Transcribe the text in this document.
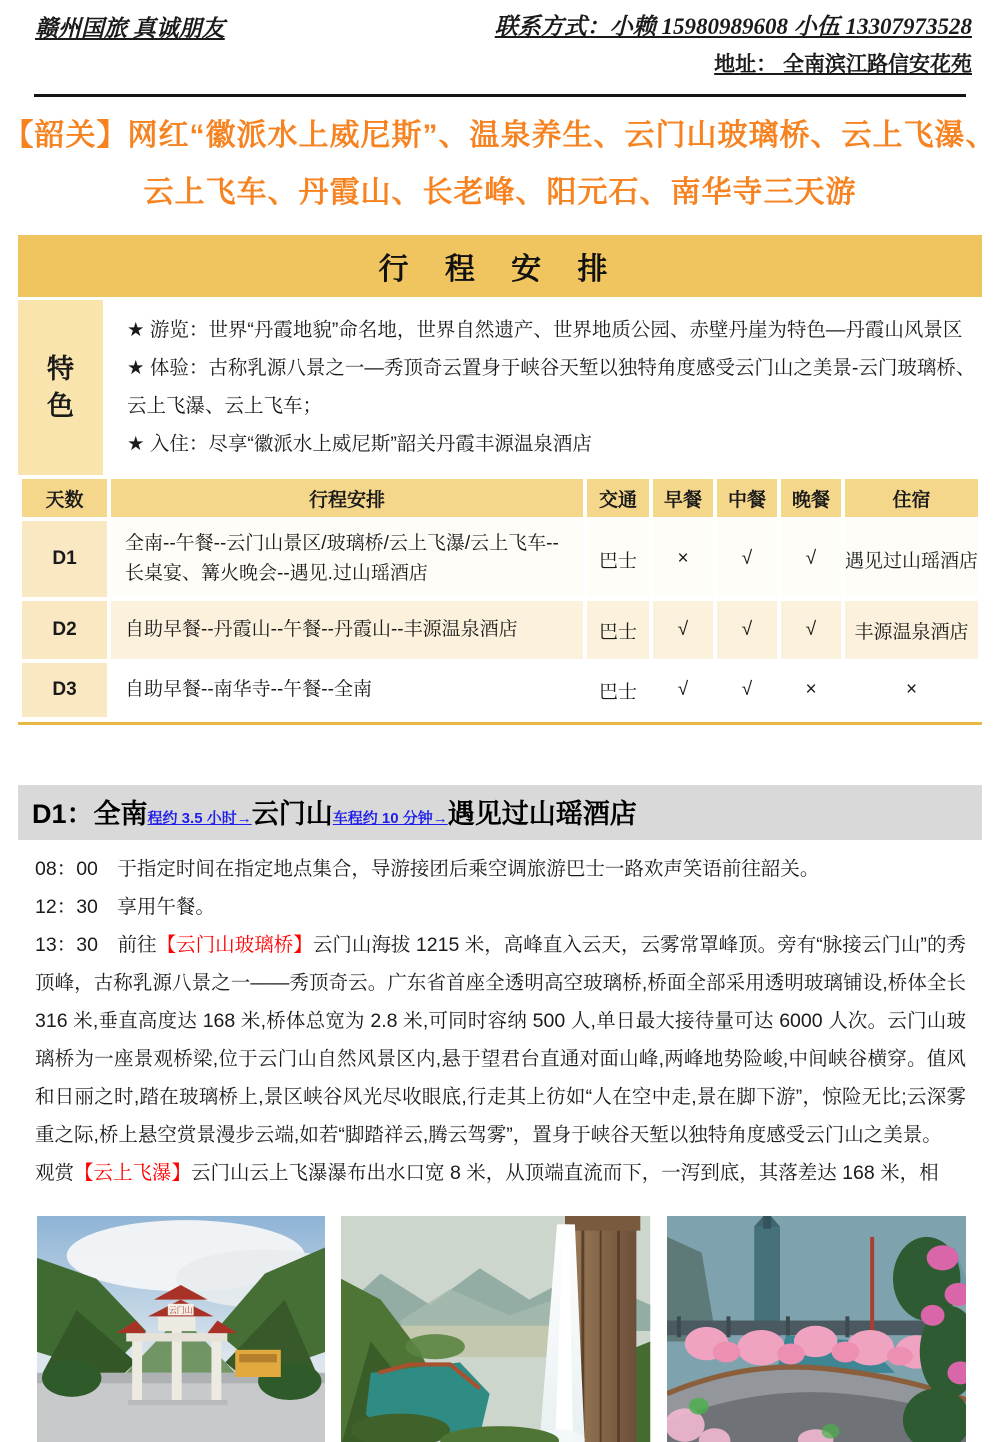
赣州国旅 真诚朋友	联系方式：小赖 15980989608 小伍 13307973528
地址： 全南滨江路信安花苑
【韶关】网红“徽派水上威尼斯”、温泉养生、云门山玻璃桥、云上飞瀑、
云上飞车、丹霞山、长老峰、阳元石、南华寺三天游
行 程 安 排
特色
★ 游览：世界“丹霞地貌”命名地，世界自然遗产、世界地质公园、赤壁丹崖为特色—丹霞山风景区
★ 体验：古称乳源八景之一—秀顶奇云置身于峡谷天堑以独特角度感受云门山之美景-云门玻璃桥、云上飞瀑、云上飞车；
★ 入住：尽享“徽派水上威尼斯”韶关丹霞丰源温泉酒店
天数	行程安排	交通	早餐	中餐	晚餐	住宿
D1	全南--午餐--云门山景区/玻璃桥/云上飞瀑/云上飞车--长桌宴、篝火晚会--遇见.过山瑶酒店	巴士	×	√	√	遇见过山瑶酒店
D2	自助早餐--丹霞山--午餐--丹霞山--丰源温泉酒店	巴士	√	√	√	丰源温泉酒店
D3	自助早餐--南华寺--午餐--全南	巴士	√	√	×	×
D1：全南程约 3.5 小时→云门山车程约 10 分钟→遇见过山瑶酒店

08：00　 于指定时间在指定地点集合，导游接团后乘空调旅游巴士一路欢声笑语前往韶关。

12：30　 享用午餐。

13：30　 前往【云门山玻璃桥】云门山海拔 1215 米，高峰直入云天，云雾常罩峰顶。旁有“脉接云门山”的秀顶峰，古称乳源八景之一——秀顶奇云。广东省首座全透明高空玻璃桥,桥面全部采用透明玻璃铺设,桥体全长 316 米,垂直高度达 168 米,桥体总宽为 2.8 米,可同时容纳 500 人,单日最大接待量可达 6000 人次。云门山玻璃桥为一座景观桥梁,位于云门山自然风景区内,悬于望君台直通对面山峰,两峰地势险峻,中间峡谷横穿。值风和日丽之时,踏在玻璃桥上,景区峡谷风光尽收眼底,行走其上彷如“人在空中走,景在脚下游”，惊险无比;云深雾重之际,桥上悬空赏景漫步云端,如若“脚踏祥云,腾云驾雾”，置身于峡谷天堑以独特角度感受云门山之美景。

观赏【云上飞瀑】云门山云上飞瀑瀑布出水口宽 8 米，从顶端直流而下，一泻到底，其落差达 168 米，相

云门山
